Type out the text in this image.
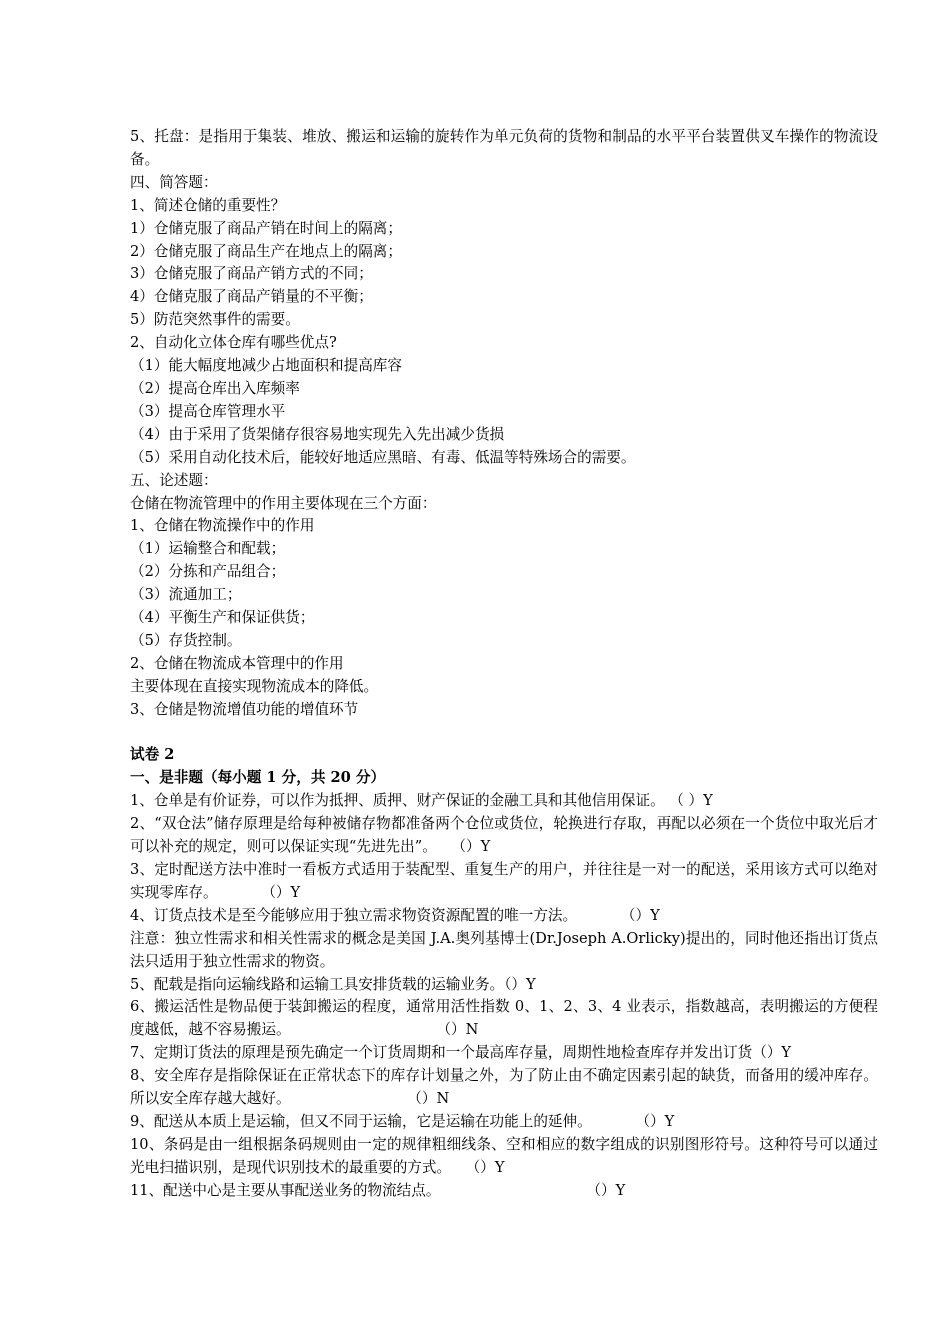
5、托盘：是指用于集装、堆放、搬运和运输的旋转作为单元负荷的货物和制品的水平平台装置供叉车操作的物流设备。
四、简答题：
1、简述仓储的重要性？
1）仓储克服了商品产销在时间上的隔离；
2）仓储克服了商品生产在地点上的隔离；
3）仓储克服了商品产销方式的不同；
4）仓储克服了商品产销量的不平衡；
5）防范突然事件的需要。
2、自动化立体仓库有哪些优点?
（1）能大幅度地减少占地面积和提高库容
（2）提高仓库出入库频率
（3）提高仓库管理水平
（4）由于采用了货架储存很容易地实现先入先出减少货损
（5）采用自动化技术后，能较好地适应黑暗、有毒、低温等特殊场合的需要。
五、论述题：
仓储在物流管理中的作用主要体现在三个方面：
1、仓储在物流操作中的作用
（1）运输整合和配载；
（2）分拣和产品组合；
（3）流通加工；
（4）平衡生产和保证供货；
（5）存货控制。
2、仓储在物流成本管理中的作用
主要体现在直接实现物流成本的降低。
3、仓储是物流增值功能的增值环节
试卷 2
一、是非题（每小题 1 分，共 20 分）
1、仓单是有价证券，可以作为抵押、质押、财产保证的金融工具和其他信用保证。 （ ）Y
2、“双仓法”储存原理是给每种被储存物都准备两个仓位或货位，轮换进行存取，再配以必须在一个货位中取光后才可以补充的规定，则可以保证实现“先进先出”。　　（）Y
3、定时配送方法中准时一看板方式适用于装配型、重复生产的用户，并往往是一对一的配送，采用该方式可以绝对实现零库存。　　　　（）Y
4、订货点技术是至今能够应用于独立需求物资资源配置的唯一方法。　　　　（）Y
注意：独立性需求和相关性需求的概念是美国 J.A.奥列基博士(Dr.Joseph A.Orlicky)提出的，同时他还指出订货点法只适用于独立性需求的物资。
5、配载是指向运输线路和运输工具安排货载的运输业务。（）Y
6、搬运活性是物品便于装卸搬运的程度，通常用活性指数 0、1、2、3、4 业表示，指数越高，表明搬运的方便程度越低，越不容易搬运。　　　　　　　　　　　（）N
7、定期订货法的原理是预先确定一个订货周期和一个最高库存量，周期性地检查库存并发出订货（）Y
8、安全库存是指除保证在正常状态下的库存计划量之外，为了防止由不确定因素引起的缺货，而备用的缓冲库存。所以安全库存越大越好。　　　　　　　　　（）N
9、配送从本质上是运输，但又不同于运输，它是运输在功能上的延伸。　　　　（）Y
10、条码是由一组根据条码规则由一定的规律粗细线条、空和相应的数字组成的识别图形符号。这种符号可以通过光电扫描识别，是现代识别技术的最重要的方式。　　（）Y
11、配送中心是主要从事配送业务的物流结点。　　　　　　　　　　　（）Y
